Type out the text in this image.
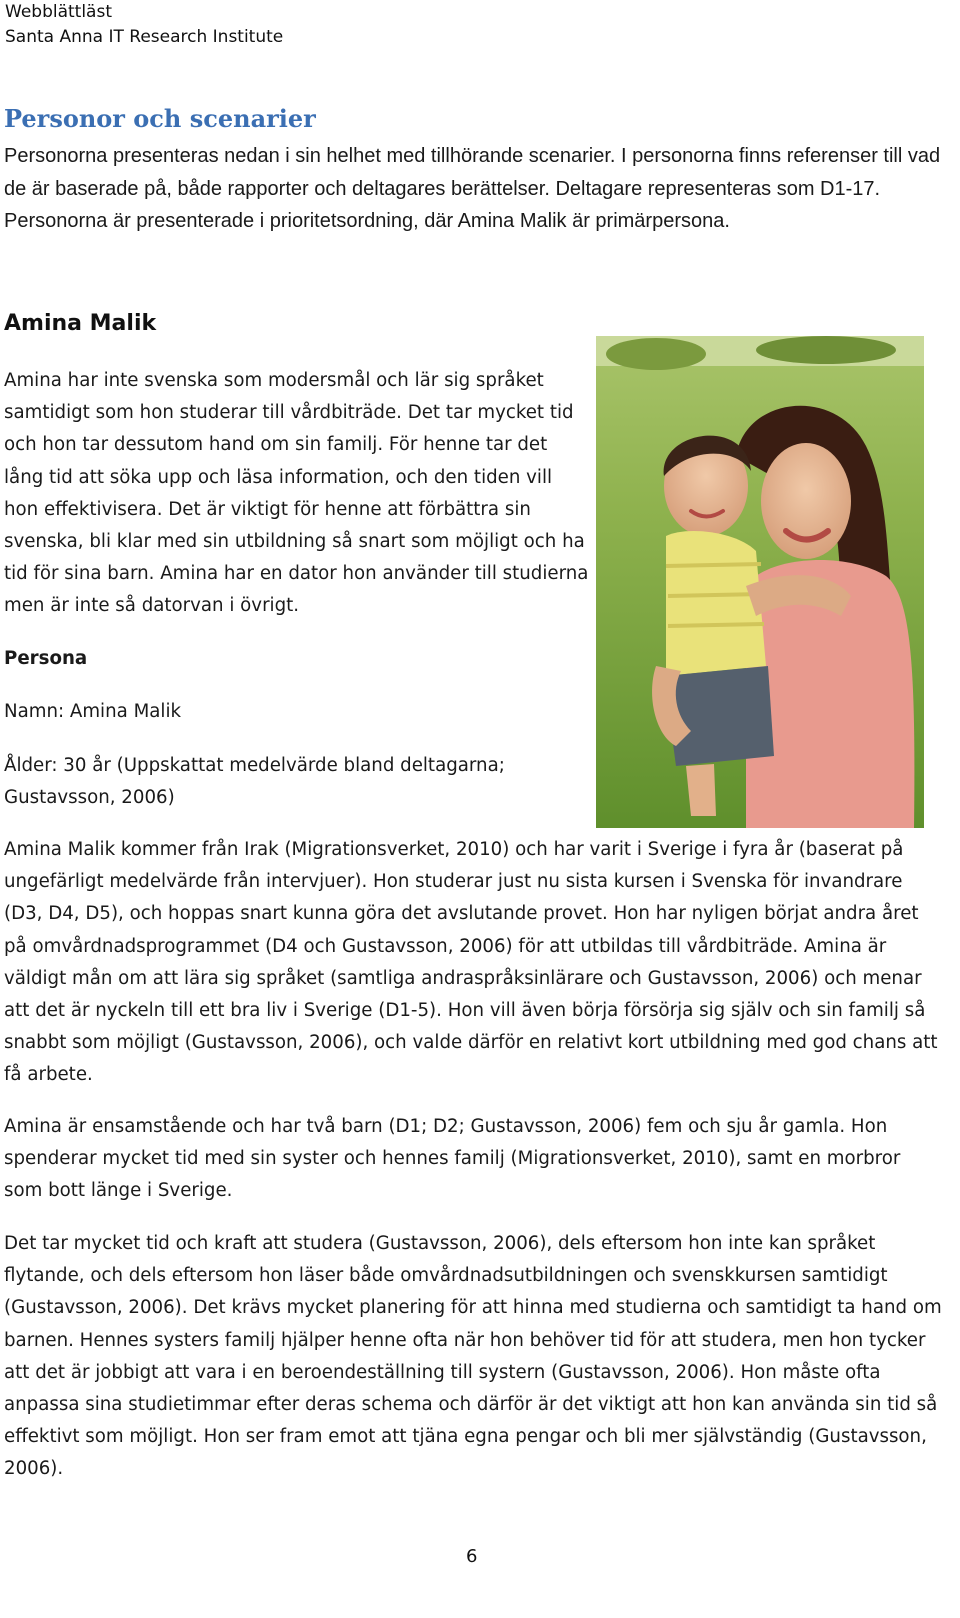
Webblättläst
Santa Anna IT Research Institute
Personor och scenarier
Personorna presenteras nedan i sin helhet med tillhörande scenarier. I personorna finns referenser till vad de är baserade på, både rapporter och deltagares berättelser. Deltagare representeras som D1-17. Personorna är presenterade i prioritetsordning, där Amina Malik är primärpersona.
Amina Malik
Amina har inte svenska som modersmål och lär sig språket samtidigt som hon studerar till vårdbiträde. Det tar mycket tid och hon tar dessutom hand om sin familj. För henne tar det lång tid att söka upp och läsa information, och den tiden vill hon effektivisera. Det är viktigt för henne att förbättra sin svenska, bli klar med sin utbildning så snart som möjligt och ha tid för sina barn. Amina har en dator hon använder till studierna men är inte så datorvan i övrigt.
Persona
Namn: Amina Malik
Ålder: 30 år (Uppskattat medelvärde bland deltagarna; Gustavsson, 2006)
Amina Malik kommer från Irak (Migrationsverket, 2010) och har varit i Sverige i fyra år (baserat på ungefärligt medelvärde från intervjuer). Hon studerar just nu sista kursen i Svenska för invandrare (D3, D4, D5), och hoppas snart kunna göra det avslutande provet. Hon har nyligen börjat andra året på omvårdnadsprogrammet (D4 och Gustavsson, 2006) för att utbildas till vårdbiträde. Amina är väldigt mån om att lära sig språket (samtliga andraspråksinlärare och Gustavsson, 2006) och menar att det är nyckeln till ett bra liv i Sverige (D1-5). Hon vill även börja försörja sig själv och sin familj så snabbt som möjligt (Gustavsson, 2006), och valde därför en relativt kort utbildning med god chans att få arbete.
Amina är ensamstående och har två barn (D1; D2; Gustavsson, 2006) fem och sju år gamla. Hon spenderar mycket tid med sin syster och hennes familj (Migrationsverket, 2010), samt en morbror som bott länge i Sverige.
Det tar mycket tid och kraft att studera (Gustavsson, 2006), dels eftersom hon inte kan språket flytande, och dels eftersom hon läser både omvårdnadsutbildningen och svenskkursen samtidigt (Gustavsson, 2006). Det krävs mycket planering för att hinna med studierna och samtidigt ta hand om barnen. Hennes systers familj hjälper henne ofta när hon behöver tid för att studera, men hon tycker att det är jobbigt att vara i en beroendeställning till systern (Gustavsson, 2006). Hon måste ofta anpassa sina studietimmar efter deras schema och därför är det viktigt att hon kan använda sin tid så effektivt som möjligt. Hon ser fram emot att tjäna egna pengar och bli mer självständig (Gustavsson, 2006).
6
